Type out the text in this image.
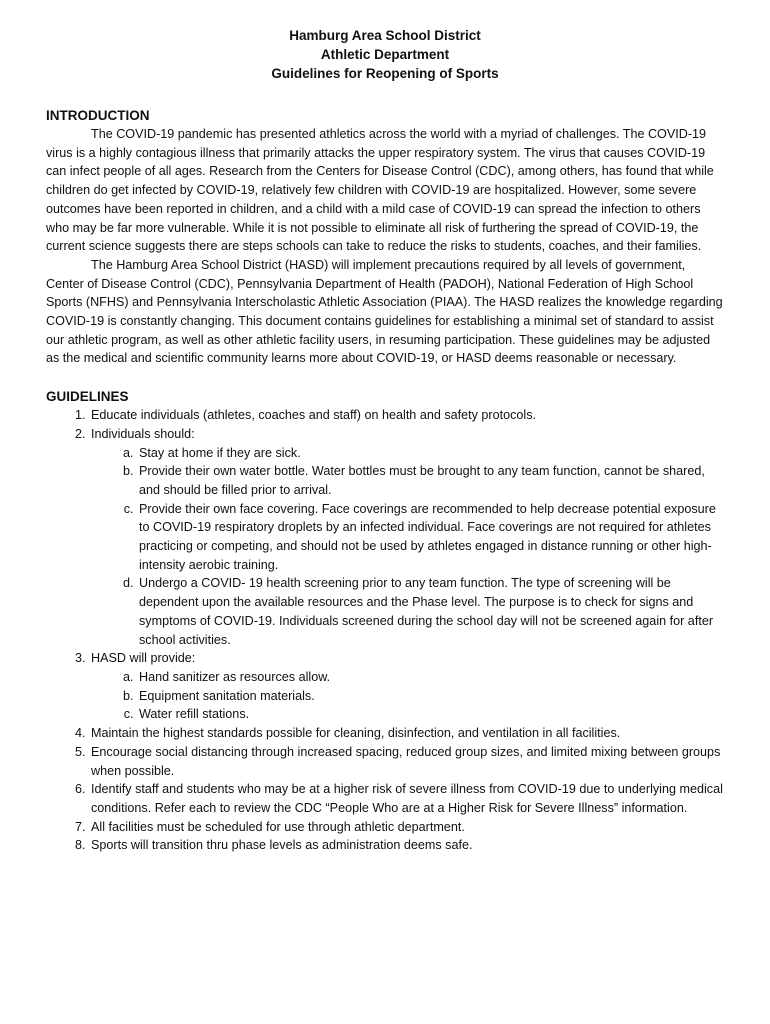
Hamburg Area School District
Athletic Department
Guidelines for Reopening of Sports
INTRODUCTION

The COVID-19 pandemic has presented athletics across the world with a myriad of challenges. The COVID-19 virus is a highly contagious illness that primarily attacks the upper respiratory system. The virus that causes COVID-19 can infect people of all ages. Research from the Centers for Disease Control (CDC), among others, has found that while children do get infected by COVID-19, relatively few children with COVID-19 are hospitalized. However, some severe outcomes have been reported in children, and a child with a mild case of COVID-19 can spread the infection to others who may be far more vulnerable. While it is not possible to eliminate all risk of furthering the spread of COVID-19, the current science suggests there are steps schools can take to reduce the risks to students, coaches, and their families.

The Hamburg Area School District (HASD) will implement precautions required by all levels of government, Center of Disease Control (CDC), Pennsylvania Department of Health (PADOH), National Federation of High School Sports (NFHS) and Pennsylvania Interscholastic Athletic Association (PIAA). The HASD realizes the knowledge regarding COVID-19 is constantly changing. This document contains guidelines for establishing a minimal set of standard to assist our athletic program, as well as other athletic facility users, in resuming participation. These guidelines may be adjusted as the medical and scientific community learns more about COVID-19, or HASD deems reasonable or necessary.

GUIDELINES
1. Educate individuals (athletes, coaches and staff) on health and safety protocols.
2. Individuals should:
a. Stay at home if they are sick.
b. Provide their own water bottle. Water bottles must be brought to any team function, cannot be shared, and should be filled prior to arrival.
c. Provide their own face covering. Face coverings are recommended to help decrease potential exposure to COVID-19 respiratory droplets by an infected individual. Face coverings are not required for athletes practicing or competing, and should not be used by athletes engaged in distance running or other high-intensity aerobic training.
d. Undergo a COVID- 19 health screening prior to any team function. The type of screening will be dependent upon the available resources and the Phase level. The purpose is to check for signs and symptoms of COVID-19. Individuals screened during the school day will not be screened again for after school activities.
3. HASD will provide:
a. Hand sanitizer as resources allow.
b. Equipment sanitation materials.
c. Water refill stations.
4. Maintain the highest standards possible for cleaning, disinfection, and ventilation in all facilities.
5. Encourage social distancing through increased spacing, reduced group sizes, and limited mixing between groups when possible.
6. Identify staff and students who may be at a higher risk of severe illness from COVID-19 due to underlying medical conditions. Refer each to review the CDC “People Who are at a Higher Risk for Severe Illness” information.
7. All facilities must be scheduled for use through athletic department.
8. Sports will transition thru phase levels as administration deems safe.
